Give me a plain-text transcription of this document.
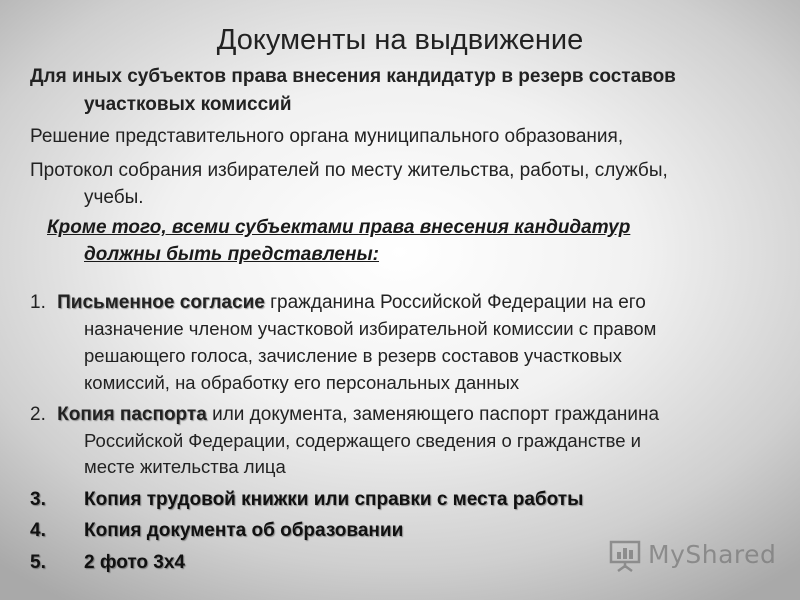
Документы на выдвижение
Для иных субъектов права внесения кандидатур в резерв составов
участковых комиссий
Решение представительного органа муниципального образования,
Протокол собрания избирателей по месту жительства, работы, службы,
учебы.
Кроме того, всеми субъектами права внесения кандидатур
должны быть представлены:
1. Письменное согласие гражданина Российской Федерации на его
назначение членом участковой избирательной комиссии с правом
решающего голоса, зачисление в резерв составов участковых
комиссий, на обработку его персональных данных
2. Копия паспорта или документа, заменяющего паспорт гражданина
Российской Федерации, содержащего сведения о гражданстве и
месте жительства лица
3. Копия трудовой книжки или справки с места работы
4. Копия документа об образовании
5. 2 фото 3х4	MyShared
